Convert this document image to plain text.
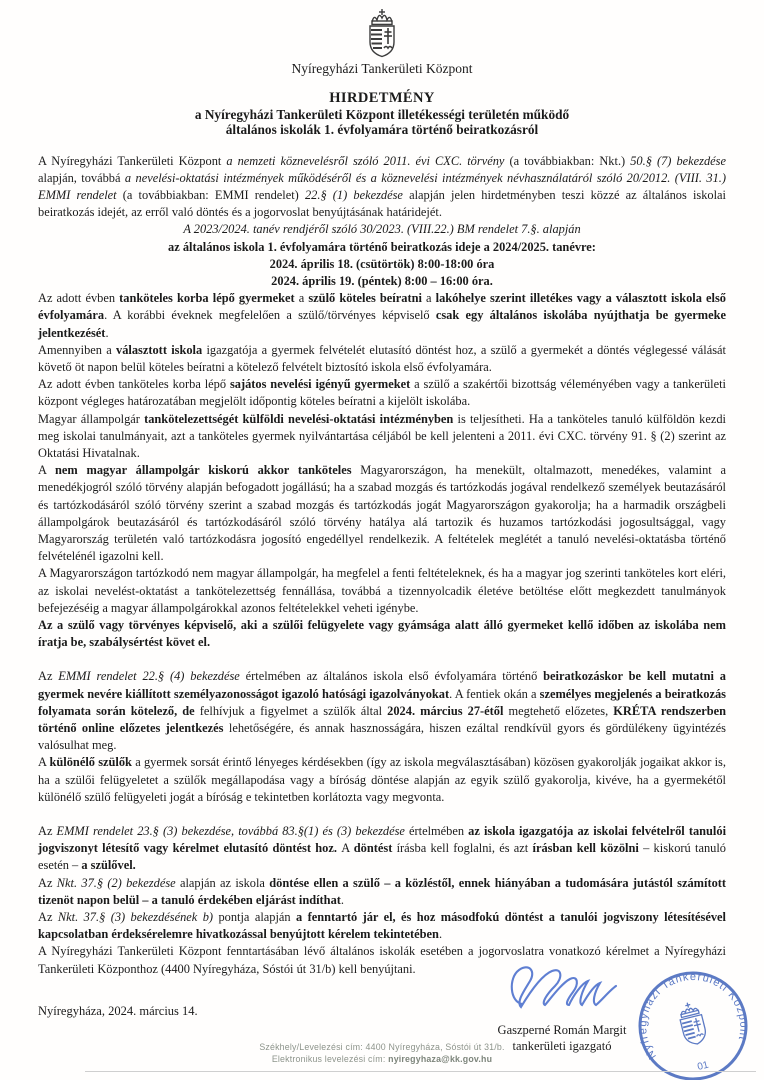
Nyíregyházi Tankerületi Központ
HIRDETMÉNY
a Nyíregyházi Tankerületi Központ illetékességi területén működő
általános iskolák 1. évfolyamára történő beiratkozásról

A Nyíregyházi Tankerületi Központ a nemzeti köznevelésről szóló 2011. évi CXC. törvény (a továbbiakban: Nkt.) 50.§ (7) bekezdése alapján, továbbá a nevelési-oktatási intézmények működéséről és a köznevelési intézmények névhasználatáról szóló 20/2012. (VIII. 31.) EMMI rendelet (a továbbiakban: EMMI rendelet) 22.§ (1) bekezdése alapján jelen hirdetményben teszi közzé az általános iskolai beiratkozás idejét, az erről való döntés és a jogorvoslat benyújtásának határidejét.

A 2023/2024. tanév rendjéről szóló 30/2023. (VIII.22.) BM rendelet 7.§. alapján

az általános iskola 1. évfolyamára történő beiratkozás ideje a 2024/2025. tanévre:

2024. április 18. (csütörtök) 8:00-18:00 óra

2024. április 19. (péntek) 8:00 – 16:00 óra.

Az adott évben tanköteles korba lépő gyermeket a szülő köteles beíratni a lakóhelye szerint illetékes vagy a választott iskola első évfolyamára. A korábbi éveknek megfelelően a szülő/törvényes képviselő csak egy általános iskolába nyújthatja be gyermeke jelentkezését.

Amennyiben a választott iskola igazgatója a gyermek felvételét elutasító döntést hoz, a szülő a gyermekét a döntés véglegessé válását követő öt napon belül köteles beíratni a kötelező felvételt biztosító iskola első évfolyamára.

Az adott évben tanköteles korba lépő sajátos nevelési igényű gyermeket a szülő a szakértői bizottság véleményében vagy a tankerületi központ végleges határozatában megjelölt időpontig köteles beíratni a kijelölt iskolába.

Magyar állampolgár tankötelezettségét külföldi nevelési-oktatási intézményben is teljesítheti. Ha a tanköteles tanuló külföldön kezdi meg iskolai tanulmányait, azt a tanköteles gyermek nyilvántartása céljából be kell jelenteni a 2011. évi CXC. törvény 91. § (2) szerint az Oktatási Hivatalnak.

A nem magyar állampolgár kiskorú akkor tanköteles Magyarországon, ha menekült, oltalmazott, menedékes, valamint a menedékjogról szóló törvény alapján befogadott jogállású; ha a szabad mozgás és tartózkodás jogával rendelkező személyek beutazásáról és tartózkodásáról szóló törvény szerint a szabad mozgás és tartózkodás jogát Magyarországon gyakorolja; ha a harmadik országbeli állampolgárok beutazásáról és tartózkodásáról szóló törvény hatálya alá tartozik és huzamos tartózkodási jogosultsággal, vagy Magyarország területén való tartózkodásra jogosító engedéllyel rendelkezik. A feltételek meglétét a tanuló nevelési-oktatásba történő felvételénél igazolni kell.

A Magyarországon tartózkodó nem magyar állampolgár, ha megfelel a fenti feltételeknek, és ha a magyar jog szerinti tanköteles kort eléri, az iskolai nevelést-oktatást a tankötelezettség fennállása, továbbá a tizennyolcadik életéve betöltése előtt megkezdett tanulmányok befejezéséig a magyar állampolgárokkal azonos feltételekkel veheti igénybe.

Az a szülő vagy törvényes képviselő, aki a szülői felügyelete vagy gyámsága alatt álló gyermeket kellő időben az iskolába nem íratja be, szabálysértést követ el.

Az EMMI rendelet 22.§ (4) bekezdése értelmében az általános iskola első évfolyamára történő beiratkozáskor be kell mutatni a gyermek nevére kiállított személyazonosságot igazoló hatósági igazolványokat. A fentiek okán a személyes megjelenés a beiratkozás folyamata során kötelező, de felhívjuk a figyelmet a szülők által 2024. március 27-étől megtehető előzetes, KRÉTA rendszerben történő online előzetes jelentkezés lehetőségére, és annak hasznosságára, hiszen ezáltal rendkívül gyors és gördülékeny ügyintézés valósulhat meg.

A különélő szülők a gyermek sorsát érintő lényeges kérdésekben (így az iskola megválasztásában) közösen gyakorolják jogaikat akkor is, ha a szülői felügyeletet a szülők megállapodása vagy a bíróság döntése alapján az egyik szülő gyakorolja, kivéve, ha a gyermekétől különélő szülő felügyeleti jogát a bíróság e tekintetben korlátozta vagy megvonta.

Az EMMI rendelet 23.§ (3) bekezdése, továbbá 83.§(1) és (3) bekezdése értelmében az iskola igazgatója az iskolai felvételről tanulói jogviszonyt létesítő vagy kérelmet elutasító döntést hoz. A döntést írásba kell foglalni, és azt írásban kell közölni – kiskorú tanuló esetén – a szülővel.

Az Nkt. 37.§ (2) bekezdése alapján az iskola döntése ellen a szülő – a közléstől, ennek hiányában a tudomására jutástól számított tizenöt napon belül – a tanuló érdekében eljárást indíthat.

Az Nkt. 37.§ (3) bekezdésének b) pontja alapján a fenntartó jár el, és hoz másodfokú döntést a tanulói jogviszony létesítésével kapcsolatban érdeksérelemre hivatkozással benyújtott kérelem tekintetében.

A Nyíregyházi Tankerületi Központ fenntartásában lévő általános iskolák esetében a jogorvoslatra vonatkozó kérelmet a Nyíregyházi Tankerületi Központhoz (4400 Nyíregyháza, Sóstói út 31/b) kell benyújtani.

Nyíregyháza, 2024. március 14.
Gaszperné Román Margit
tankerületi igazgató
Nyíregyházi Tankerületi Központ
01
Székhely/Levelezési cím: 4400 Nyíregyháza, Sóstói út 31/b.
Elektronikus levelezési cím: nyiregyhaza@kk.gov.hu
